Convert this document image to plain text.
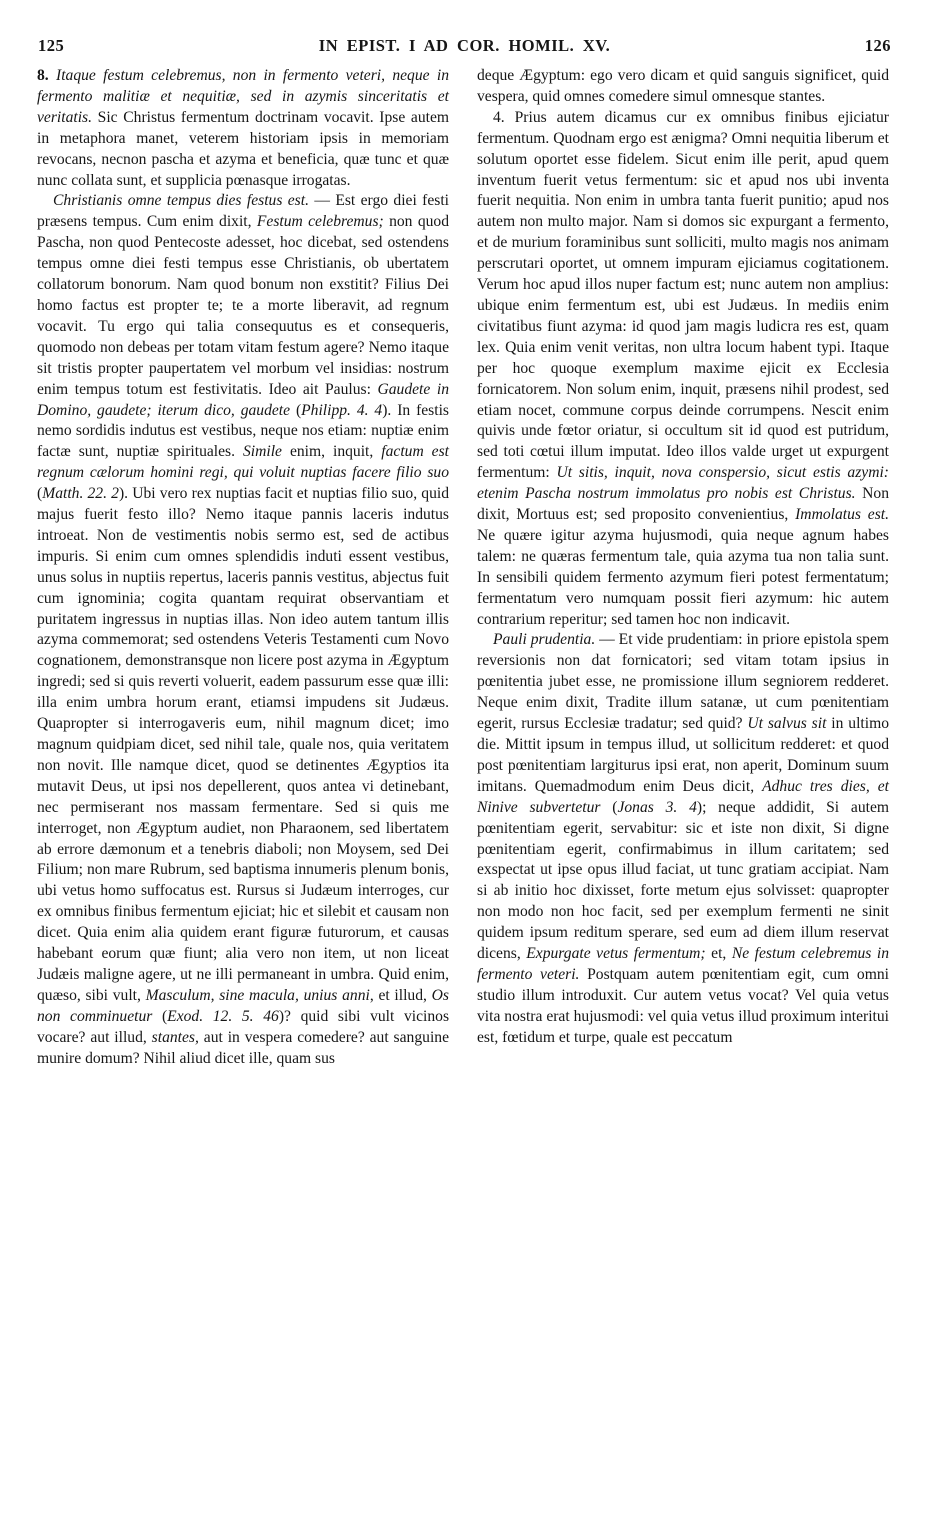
125	IN EPIST. I AD COR. HOMIL. XV.	126

8. Itaque festum celebremus, non in fermento veteri, neque in fermento malitiæ et nequitiæ, sed in azymis sinceritatis et veritatis. Sic Christus fermentum doctrinam vocavit. Ipse autem in metaphora manet, veterem historiam ipsis in memoriam revocans, necnon pascha et azyma et beneficia, quæ tunc et quæ nunc collata sunt, et supplicia pœnasque irrogatas.

Christianis omne tempus dies festus est. — Est ergo diei festi præsens tempus. Cum enim dixit, Festum celebremus; non quod Pascha, non quod Pentecoste adesset, hoc dicebat, sed ostendens tempus omne diei festi tempus esse Christianis, ob ubertatem collatorum bonorum. Nam quod bonum non exstitit? Filius Dei homo factus est propter te; te a morte liberavit, ad regnum vocavit. Tu ergo qui talia consequutus es et consequeris, quomodo non debeas per totam vitam festum agere? Nemo itaque sit tristis propter paupertatem vel morbum vel insidias: nostrum enim tempus totum est festivitatis. Ideo ait Paulus: Gaudete in Domino, gaudete; iterum dico, gaudete (Philipp. 4. 4). In festis nemo sordidis indutus est vestibus, neque nos etiam: nuptiæ enim factæ sunt, nuptiæ spirituales. Simile enim, inquit, factum est regnum cælorum homini regi, qui voluit nuptias facere filio suo (Matth. 22. 2). Ubi vero rex nuptias facit et nuptias filio suo, quid majus fuerit festo illo? Nemo itaque pannis laceris indutus introeat. Non de vestimentis nobis sermo est, sed de actibus impuris. Si enim cum omnes splendidis induti essent vestibus, unus solus in nuptiis repertus, laceris pannis vestitus, abjectus fuit cum ignominia; cogita quantam requirat observantiam et puritatem ingressus in nuptias illas. Non ideo autem tantum illis azyma commemorat; sed ostendens Veteris Testamenti cum Novo cognationem, demonstransque non licere post azyma in Ægyptum ingredi; sed si quis reverti voluerit, eadem passurum esse quæ illi: illa enim umbra horum erant, etiamsi impudens sit Judæus. Quapropter si interrogaveris eum, nihil magnum dicet; imo magnum quidpiam dicet, sed nihil tale, quale nos, quia veritatem non novit. Ille namque dicet, quod se detinentes Ægyptios ita mutavit Deus, ut ipsi nos depellerent, quos antea vi detinebant, nec permiserant nos massam fermentare. Sed si quis me interroget, non Ægyptum audiet, non Pharaonem, sed libertatem ab errore dæmonum et a tenebris diaboli; non Moysem, sed Dei Filium; non mare Rubrum, sed baptisma innumeris plenum bonis, ubi vetus homo suffocatus est. Rursus si Judæum interroges, cur ex omnibus finibus fermentum ejiciat; hic et silebit et causam non dicet. Quia enim alia quidem erant figuræ futurorum, et causas habebant eorum quæ fiunt; alia vero non item, ut non liceat Judæis maligne agere, ut ne illi permaneant in umbra. Quid enim, quæso, sibi vult, Masculum, sine macula, unius anni, et illud, Os non comminuetur (Exod. 12. 5. 46)? quid sibi vult vicinos vocare? aut illud, stantes, aut in vespera comedere? aut sanguine munire domum? Nihil aliud dicet ille, quam sus

deque Ægyptum: ego vero dicam et quid sanguis significet, quid vespera, quid omnes comedere simul omnesque stantes.

4. Prius autem dicamus cur ex omnibus finibus ejiciatur fermentum. Quodnam ergo est ænigma? Omni nequitia liberum et solutum oportet esse fidelem. Sicut enim ille perit, apud quem inventum fuerit vetus fermentum: sic et apud nos ubi inventa fuerit nequitia. Non enim in umbra tanta fuerit punitio; apud nos autem non multo major. Nam si domos sic expurgant a fermento, et de murium foraminibus sunt solliciti, multo magis nos animam perscrutari oportet, ut omnem impuram ejiciamus cogitationem. Verum hoc apud illos nuper factum est; nunc autem non amplius: ubique enim fermentum est, ubi est Judæus. In mediis enim civitatibus fiunt azyma: id quod jam magis ludicra res est, quam lex. Quia enim venit veritas, non ultra locum habent typi. Itaque per hoc quoque exemplum maxime ejicit ex Ecclesia fornicatorem. Non solum enim, inquit, præsens nihil prodest, sed etiam nocet, commune corpus deinde corrumpens. Nescit enim quivis unde fœtor oriatur, si occultum sit id quod est putridum, sed toti cœtui illum imputat. Ideo illos valde urget ut expurgent fermentum: Ut sitis, inquit, nova conspersio, sicut estis azymi: etenim Pascha nostrum immolatus pro nobis est Christus. Non dixit, Mortuus est; sed proposito convenientius, Immolatus est. Ne quære igitur azyma hujusmodi, quia neque agnum habes talem: ne quæras fermentum tale, quia azyma tua non talia sunt. In sensibili quidem fermento azymum fieri potest fermentatum; fermentatum vero numquam possit fieri azymum: hic autem contrarium reperitur; sed tamen hoc non indicavit.

Pauli prudentia. — Et vide prudentiam: in priore epistola spem reversionis non dat fornicatori; sed vitam totam ipsius in pœnitentia jubet esse, ne promissione illum segniorem redderet. Neque enim dixit, Tradite illum satanæ, ut cum pœnitentiam egerit, rursus Ecclesiæ tradatur; sed quid? Ut salvus sit in ultimo die. Mittit ipsum in tempus illud, ut sollicitum redderet: et quod post pœnitentiam largiturus ipsi erat, non aperit, Dominum suum imitans. Quemadmodum enim Deus dicit, Adhuc tres dies, et Ninive subvertetur (Jonas 3. 4); neque addidit, Si autem pœnitentiam egerit, servabitur: sic et iste non dixit, Si digne pœnitentiam egerit, confirmabimus in illum caritatem; sed exspectat ut ipse opus illud faciat, ut tunc gratiam accipiat. Nam si ab initio hoc dixisset, forte metum ejus solvisset: quapropter non modo non hoc facit, sed per exemplum fermenti ne sinit quidem ipsum reditum sperare, sed eum ad diem illum reservat dicens, Expurgate vetus fermentum; et, Ne festum celebremus in fermento veteri. Postquam autem pœnitentiam egit, cum omni studio illum introduxit. Cur autem vetus vocat? Vel quia vetus vita nostra erat hujusmodi: vel quia vetus illud proximum interitui est, fœtidum et turpe, quale est peccatum
